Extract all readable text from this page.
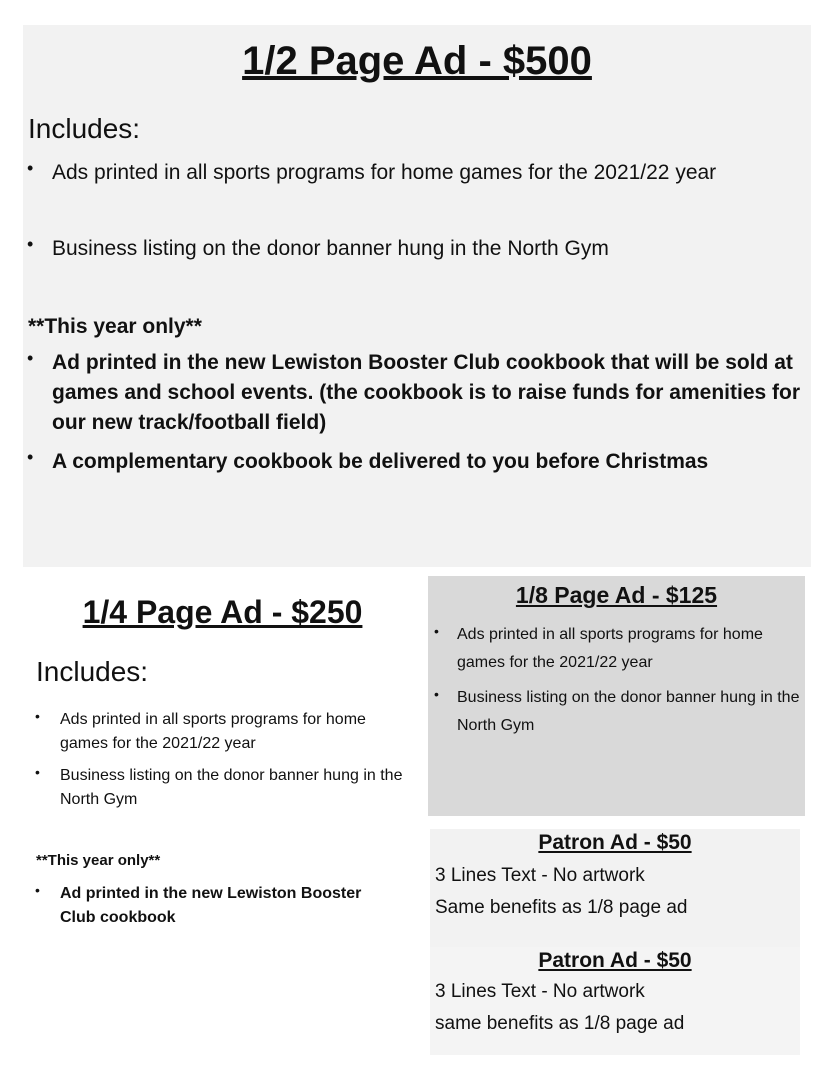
1/2 Page Ad - $500
Includes:
• Ads printed in all sports programs for home games for the 2021/22 year
• Business listing on the donor banner hung in the North Gym
**This year only**
• Ad printed in the new Lewiston Booster Club cookbook that will be sold at games and school events. (the cookbook is to raise funds for amenities for our new track/football field)
• A complementary cookbook be delivered to you before Christmas
1/4 Page Ad - $250
Includes:
• Ads printed in all sports programs for home games for the 2021/22 year
• Business listing on the donor banner hung in the North Gym
**This year only**
• Ad printed in the new Lewiston Booster Club cookbook
1/8 Page Ad - $125
• Ads printed in all sports programs for home games for the 2021/22 year
• Business listing on the donor banner hung in the North Gym
Patron Ad - $50
3 Lines Text - No artwork
Same benefits as 1/8 page ad
Patron Ad - $50
3 Lines Text - No artwork
same benefits as 1/8 page ad
